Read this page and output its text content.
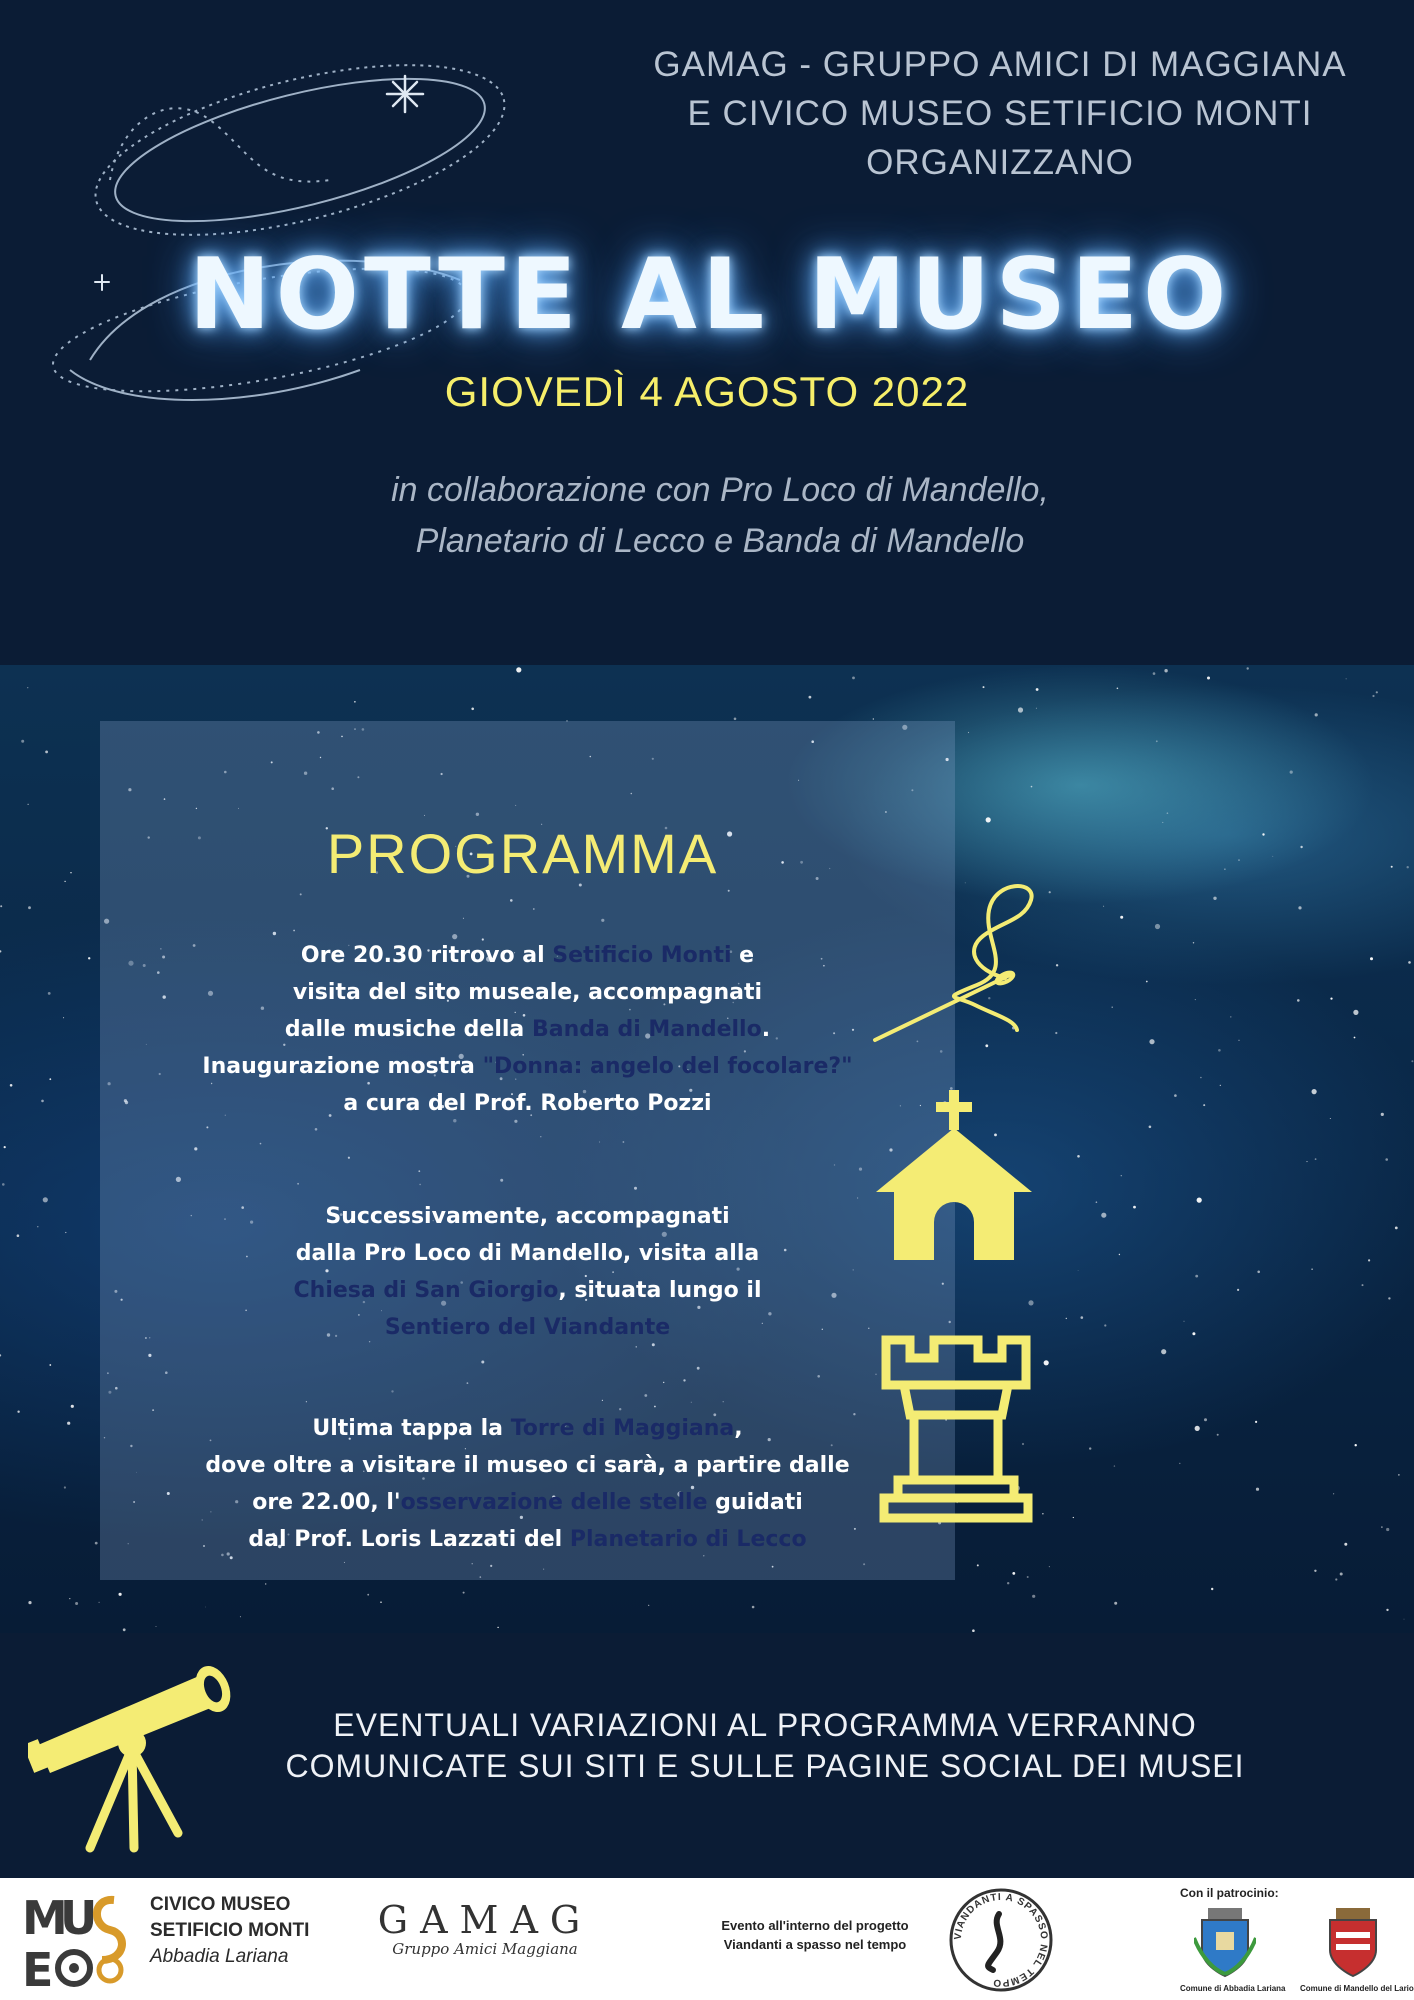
GAMAG - GRUPPO AMICI DI MAGGIANA
E CIVICO MUSEO SETIFICIO MONTI
ORGANIZZANO
NOTTE AL MUSEO
GIOVEDÌ 4 AGOSTO 2022
in collaborazione con Pro Loco di Mandello,
Planetario di Lecco e Banda di Mandello
PROGRAMMA
Ore 20.30 ritrovo al Setificio Monti e
visita del sito museale, accompagnati
dalle musiche della Banda di Mandello.
Inaugurazione mostra "Donna: angelo del focolare?"
a cura del Prof. Roberto Pozzi
Successivamente, accompagnati
dalla Pro Loco di Mandello, visita alla
Chiesa di San Giorgio, situata lungo il
Sentiero del Viandante
Ultima tappa la Torre di Maggiana,
dove oltre a visitare il museo ci sarà, a partire dalle
ore 22.00, l'osservazione delle stelle guidati
dal Prof. Loris Lazzati del Planetario di Lecco
EVENTUALI VARIAZIONI AL PROGRAMMA VERRANNO
COMUNICATE SUI SITI E SULLE PAGINE SOCIAL DEI MUSEI
M
U
E
CIVICO MUSEO
SETIFICIO MONTI
Abbadia Lariana
GAMAG
Gruppo Amici Maggiana
Evento all'interno del progetto
Viandanti a spasso nel tempo
VIANDANTI A SPASSO NEL TEMPO
Con il patrocinio:
Comune di Abbadia Lariana Comune di Mandello del Lario
